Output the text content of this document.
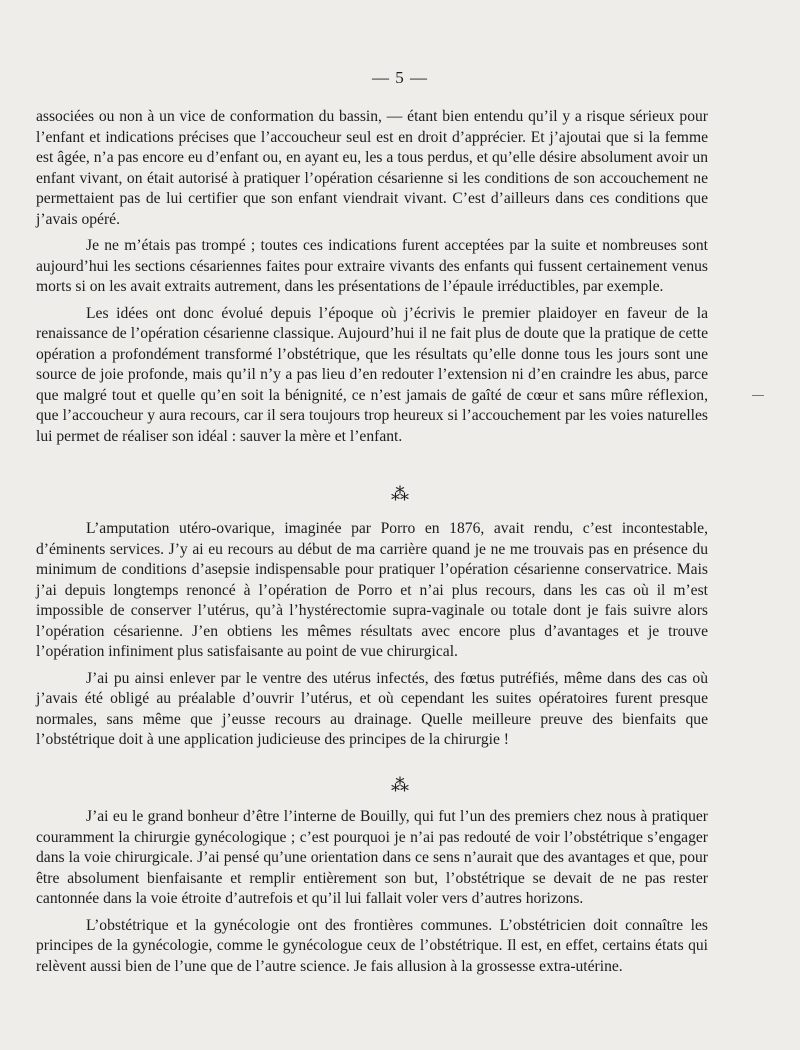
— 5 —

associées ou non à un vice de conformation du bassin, — étant bien entendu qu’il y a risque sérieux pour l’enfant et indications précises que l’accoucheur seul est en droit d’apprécier. Et j’ajoutai que si la femme est âgée, n’a pas encore eu d’enfant ou, en ayant eu, les a tous perdus, et qu’elle désire absolument avoir un enfant vivant, on était autorisé à pratiquer l’opération césarienne si les conditions de son accouchement ne permettaient pas de lui certifier que son enfant viendrait vivant. C’est d’ailleurs dans ces conditions que j’avais opéré.

Je ne m’étais pas trompé ; toutes ces indications furent acceptées par la suite et nombreuses sont aujourd’hui les sections césariennes faites pour extraire vivants des enfants qui fussent certainement venus morts si on les avait extraits autrement, dans les présentations de l’épaule irréductibles, par exemple.

Les idées ont donc évolué depuis l’époque où j’écrivis le premier plaidoyer en faveur de la renaissance de l’opération césarienne classique. Aujourd’hui il ne fait plus de doute que la pratique de cette opération a profondément transformé l’obstétrique, que les résultats qu’elle donne tous les jours sont une source de joie profonde, mais qu’il n’y a pas lieu d’en redouter l’extension ni d’en craindre les abus, parce que malgré tout et quelle qu’en soit la bénignité, ce n’est jamais de gaîté de cœur et sans mûre réflexion, que l’accoucheur y aura recours, car il sera toujours trop heureux si l’accouchement par les voies naturelles lui permet de réaliser son idéal : sauver la mère et l’enfant.

⁂

L’amputation utéro-ovarique, imaginée par Porro en 1876, avait rendu, c’est incontestable, d’éminents services. J’y ai eu recours au début de ma carrière quand je ne me trouvais pas en présence du minimum de conditions d’asepsie indispensable pour pratiquer l’opération césarienne conservatrice. Mais j’ai depuis longtemps renoncé à l’opération de Porro et n’ai plus recours, dans les cas où il m’est impossible de conserver l’utérus, qu’à l’hystérectomie supra-vaginale ou totale dont je fais suivre alors l’opération césarienne. J’en obtiens les mêmes résultats avec encore plus d’avantages et je trouve l’opération infiniment plus satisfaisante au point de vue chirurgical.

J’ai pu ainsi enlever par le ventre des utérus infectés, des fœtus putréfiés, même dans des cas où j’avais été obligé au préalable d’ouvrir l’utérus, et où cependant les suites opératoires furent presque normales, sans même que j’eusse recours au drainage. Quelle meilleure preuve des bienfaits que l’obstétrique doit à une application judicieuse des principes de la chirurgie !

⁂

J’ai eu le grand bonheur d’être l’interne de Bouilly, qui fut l’un des premiers chez nous à pratiquer couramment la chirurgie gynécologique ; c’est pourquoi je n’ai pas redouté de voir l’obstétrique s’engager dans la voie chirurgicale. J’ai pensé qu’une orientation dans ce sens n’aurait que des avantages et que, pour être absolument bienfaisante et remplir entièrement son but, l’obstétrique se devait de ne pas rester cantonnée dans la voie étroite d’autrefois et qu’il lui fallait voler vers d’autres horizons.

L’obstétrique et la gynécologie ont des frontières communes. L’obstétricien doit connaître les principes de la gynécologie, comme le gynécologue ceux de l’obstétrique. Il est, en effet, certains états qui relèvent aussi bien de l’une que de l’autre science. Je fais allusion à la grossesse extra-utérine.
